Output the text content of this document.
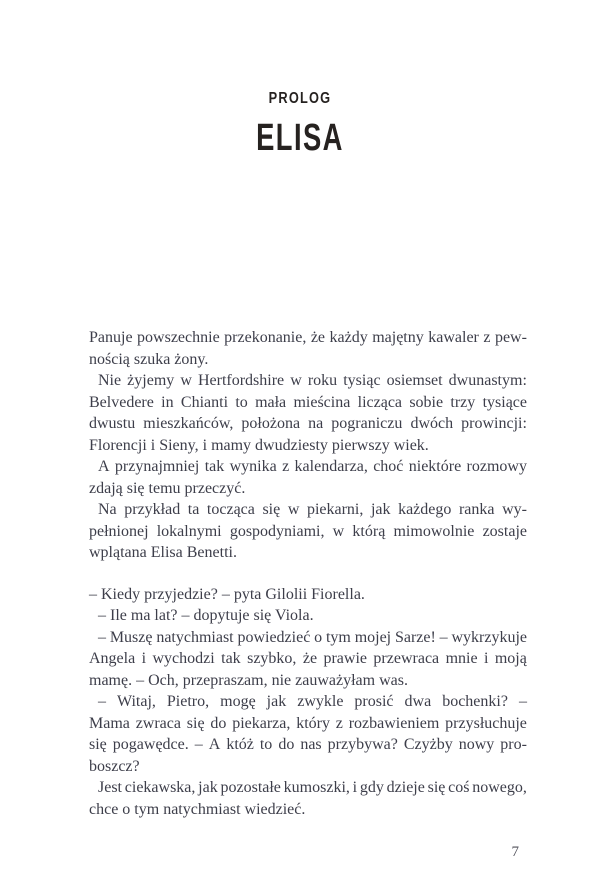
PROLOG
ELISA
Panuje powszechnie przekonanie, że każdy majętny kawaler z pew-
nością szuka żony.
Nie żyjemy w Hertfordshire w roku tysiąc osiemset dwunastym:
Belvedere in Chianti to mała mieścina licząca sobie trzy tysiące
dwustu mieszkańców, położona na pograniczu dwóch prowincji:
Florencji i Sieny, i mamy dwudziesty pierwszy wiek.
A przynajmniej tak wynika z kalendarza, choć niektóre rozmowy
zdają się temu przeczyć.
Na przykład ta tocząca się w piekarni, jak każdego ranka wy-
pełnionej lokalnymi gospodyniami, w którą mimowolnie zostaje
wplątana Elisa Benetti.
– Kiedy przyjedzie? – pyta Gilolii Fiorella.
– Ile ma lat? – dopytuje się Viola.
– Muszę natychmiast powiedzieć o tym mojej Sarze! – wykrzykuje
Angela i wychodzi tak szybko, że prawie przewraca mnie i moją
mamę. – Och, przepraszam, nie zauważyłam was.
– Witaj, Pietro, mogę jak zwykle prosić dwa bochenki? –
Mama zwraca się do piekarza, który z rozbawieniem przysłuchuje
się pogawędce. – A któż to do nas przybywa? Czyżby nowy pro-
boszcz?
Jest ciekawska, jak pozostałe kumoszki, i gdy dzieje się coś nowego,
chce o tym natychmiast wiedzieć.
7
